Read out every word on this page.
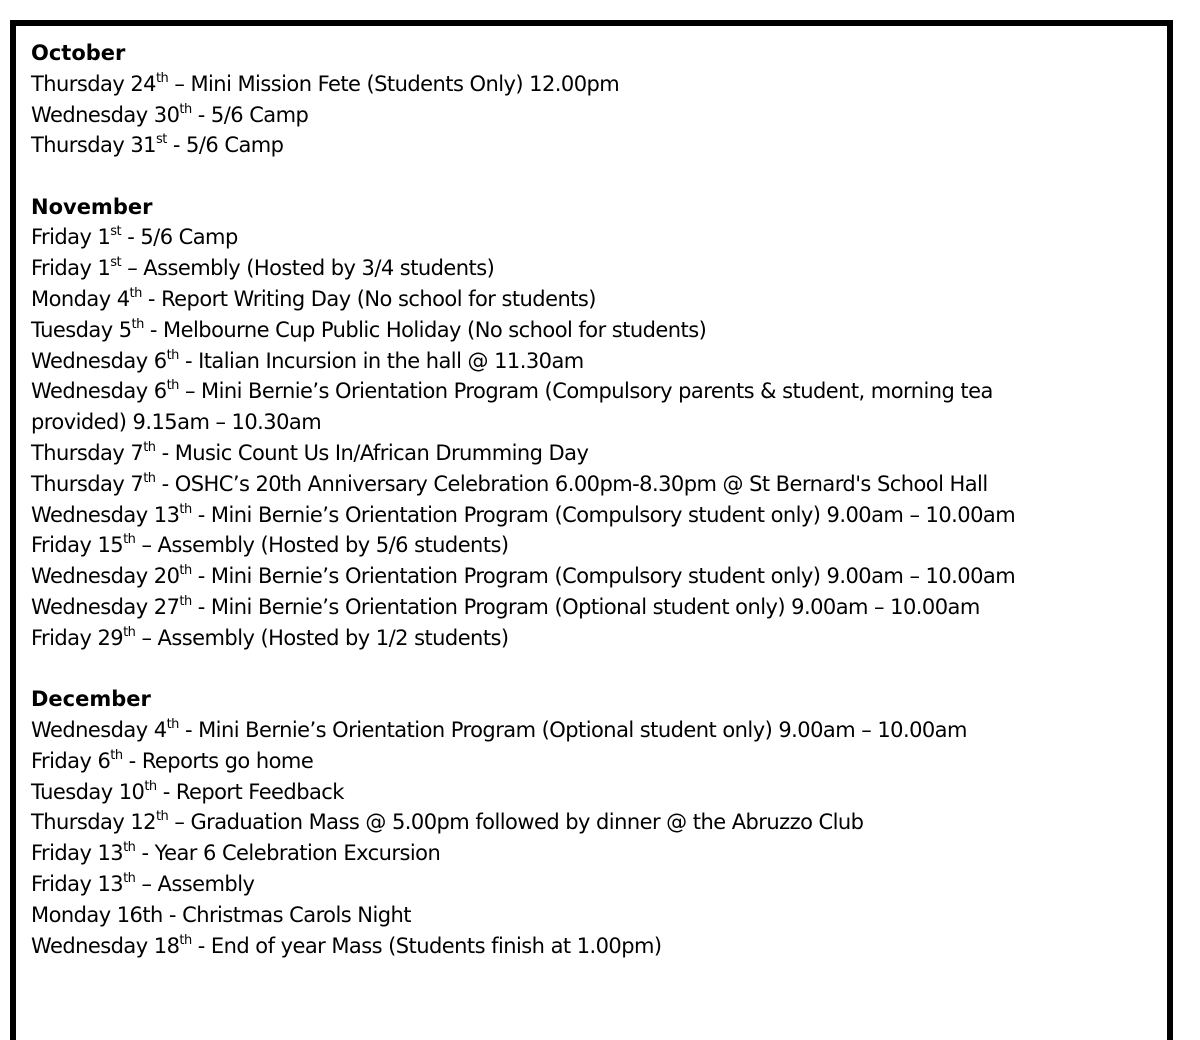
October
Thursday 24th – Mini Mission Fete (Students Only) 12.00pm
Wednesday 30th - 5/6 Camp
Thursday 31st - 5/6 Camp
November
Friday 1st - 5/6 Camp
Friday 1st – Assembly (Hosted by 3/4 students)
Monday 4th - Report Writing Day (No school for students)
Tuesday 5th - Melbourne Cup Public Holiday (No school for students)
Wednesday 6th - Italian Incursion in the hall @ 11.30am
Wednesday 6th – Mini Bernie’s Orientation Program (Compulsory parents & student, morning tea
provided) 9.15am – 10.30am
Thursday 7th - Music Count Us In/African Drumming Day
Thursday 7th - OSHC’s 20th Anniversary Celebration 6.00pm-8.30pm @ St Bernard's School Hall
Wednesday 13th - Mini Bernie’s Orientation Program (Compulsory student only) 9.00am – 10.00am
Friday 15th – Assembly (Hosted by 5/6 students)
Wednesday 20th - Mini Bernie’s Orientation Program (Compulsory student only) 9.00am – 10.00am
Wednesday 27th - Mini Bernie’s Orientation Program (Optional student only) 9.00am – 10.00am
Friday 29th – Assembly (Hosted by 1/2 students)
December
Wednesday 4th - Mini Bernie’s Orientation Program (Optional student only) 9.00am – 10.00am
Friday 6th - Reports go home
Tuesday 10th - Report Feedback
Thursday 12th – Graduation Mass @ 5.00pm followed by dinner @ the Abruzzo Club
Friday 13th - Year 6 Celebration Excursion
Friday 13th – Assembly
Monday 16th - Christmas Carols Night
Wednesday 18th - End of year Mass (Students finish at 1.00pm)
